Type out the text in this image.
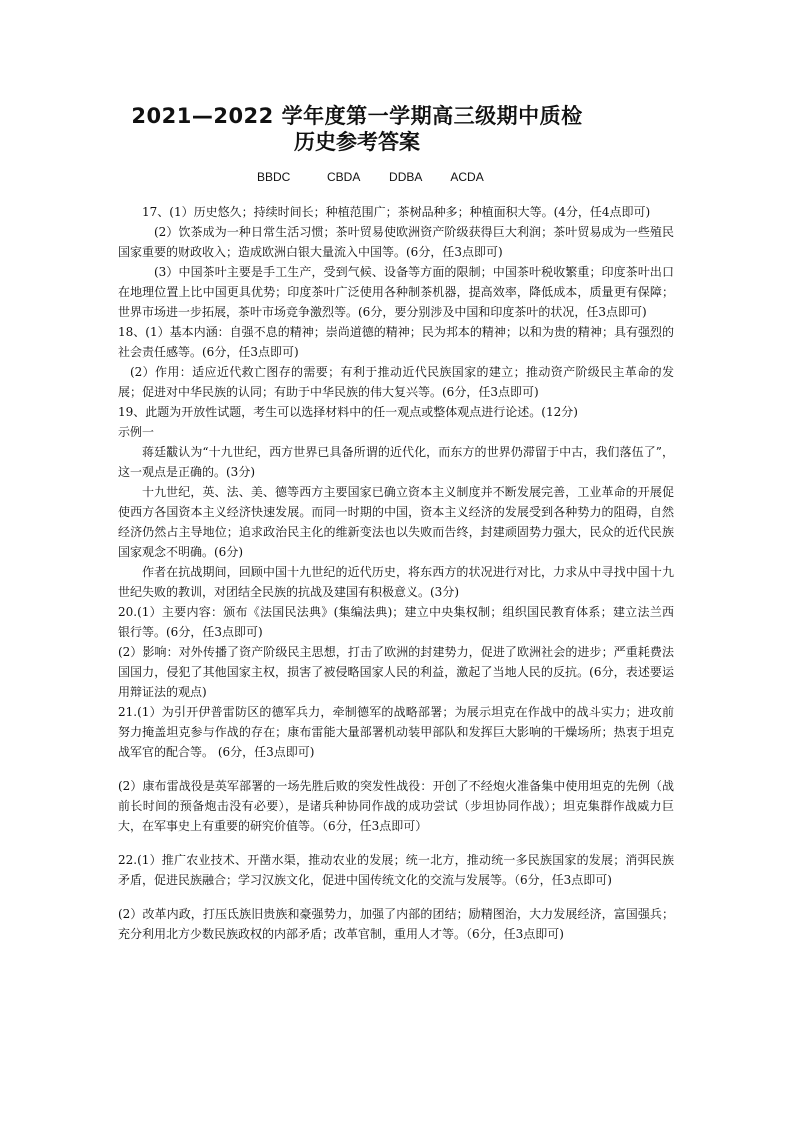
2021—2022 学年度第一学期高三级期中质检
历史参考答案
BBDC     CBDA    DDBA    ACDA

17、(1）历史悠久；持续时间长；种植范围广；茶树品种多；种植面积大等。(4分，任4点即可)

(2）饮茶成为一种日常生活习惯；茶叶贸易使欧洲资产阶级获得巨大利润；茶叶贸易成为一些殖民国家重要的财政收入；造成欧洲白银大量流入中国等。(6分，任3点即可)

(3）中国茶叶主要是手工生产，受到气候、设备等方面的限制；中国茶叶税收繁重；印度茶叶出口在地理位置上比中国更具优势；印度茶叶广泛使用各种制茶机器，提高效率，降低成本，质量更有保障；世界市场进一步拓展，茶叶市场竞争激烈等。(6分，要分别涉及中国和印度茶叶的状况，任3点即可)

18、(1）基本内涵：自强不息的精神；崇尚道德的精神；民为邦本的精神；以和为贵的精神；具有强烈的社会责任感等。(6分，任3点即可)

(2）作用：适应近代救亡图存的需要；有利于推动近代民族国家的建立；推动资产阶级民主革命的发展；促进对中华民族的认同；有助于中华民族的伟大复兴等。(6分，任3点即可)

19、此题为开放性试题，考生可以选择材料中的任一观点或整体观点进行论述。(12分)

示例一

蒋廷黻认为“十九世纪，西方世界已具备所谓的近代化，而东方的世界仍滞留于中古，我们落伍了”， 这一观点是正确的。(3分)

十九世纪，英、法、美、德等西方主要国家已确立资本主义制度并不断发展完善，工业革命的开展促使西方各国资本主义经济快速发展。而同一时期的中国，资本主义经济的发展受到各种势力的阻碍，自然经济仍然占主导地位；追求政治民主化的维新变法也以失败而告终，封建顽固势力强大，民众的近代民族国家观念不明确。(6分)

作者在抗战期间，回顾中国十九世纪的近代历史，将东西方的状况进行对比，力求从中寻找中国十九世纪失败的教训，对团结全民族的抗战及建国有积极意义。(3分)

20.(1）主要内容：颁布《法国民法典》(集编法典)；建立中央集权制；组织国民教育体系；建立法兰西银行等。(6分，任3点即可)

(2）影响：对外传播了资产阶级民主思想，打击了欧洲的封建势力，促进了欧洲社会的进步；严重耗费法国国力，侵犯了其他国家主权，损害了被侵略国家人民的利益，激起了当地人民的反抗。(6分，表述要运用辩证法的观点)

21.(1）为引开伊普雷防区的德军兵力，牵制德军的战略部署；为展示坦克在作战中的战斗实力；进攻前努力掩盖坦克参与作战的存在；康布雷能大量部署机动装甲部队和发挥巨大影响的干燥场所；热衷于坦克战军官的配合等。 (6分，任3点即可)

(2）康布雷战役是英军部署的一场先胜后败的突发性战役：开创了不经炮火准备集中使用坦克的先例（战前长时间的预备炮击没有必要），是诸兵种协同作战的成功尝试（步坦协同作战）；坦克集群作战威力巨大，在军事史上有重要的研究价值等。（6分，任3点即可）

22.(1）推广农业技术、开凿水渠，推动农业的发展；统一北方，推动统一多民族国家的发展；消弭民族矛盾，促进民族融合；学习汉族文化，促进中国传统文化的交流与发展等。（6分，任3点即可)

(2）改革内政，打压氐族旧贵族和豪强势力，加强了内部的团结；励精图治，大力发展经济，富国强兵；充分利用北方少数民族政权的内部矛盾；改革官制，重用人才等。（6分，任3点即可)
